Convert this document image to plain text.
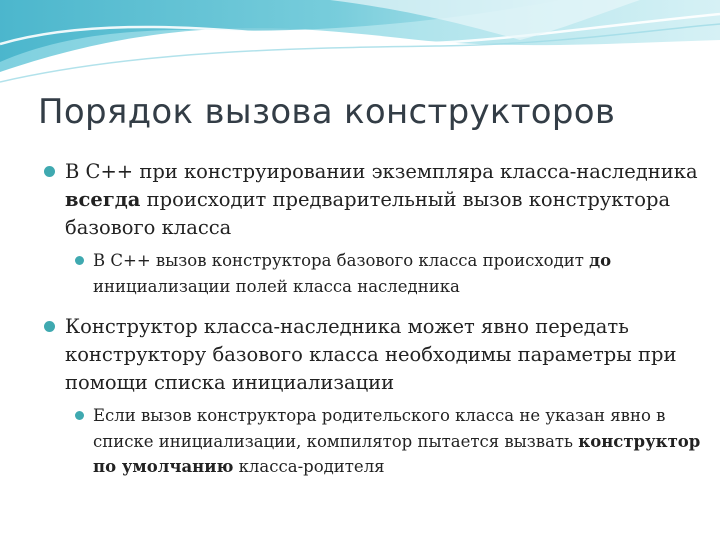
Порядок вызова конструкторов
В С++ при конструировании экземпляра класса-наследника всегда происходит предварительный вызов конструктора базового класса
В С++ вызов конструктора базового класса происходит до инициализации полей класса наследника
Конструктор класса-наследника может явно передать конструктору базового класса необходимы параметры при помощи списка инициализации
Если вызов конструктора родительского класса не указан явно в списке инициализации, компилятор пытается вызвать конструктор по умолчанию класса-родителя
